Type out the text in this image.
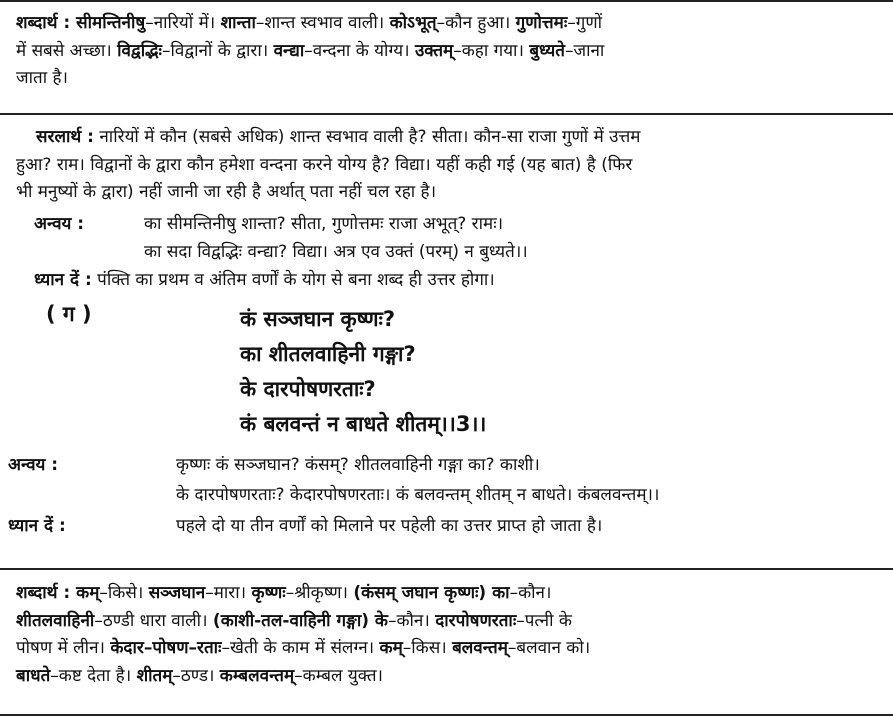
शब्दार्थ : सीमन्तिनीषु–नारियों में। शान्ता–शान्त स्वभाव वाली। कोऽभूत्–कौन हुआ। गुणोत्तमः–गुणों
में सबसे अच्छा। विद्वद्भिः–विद्वानों के द्वारा। वन्द्या–वन्दना के योग्य। उक्तम्–कहा गया। बुध्यते–जाना
जाता है।
सरलार्थ : नारियों में कौन (सबसे अधिक) शान्त स्वभाव वाली है? सीता। कौन-सा राजा गुणों में उत्तम
हुआ? राम। विद्वानों के द्वारा कौन हमेशा वन्दना करने योग्य है? विद्या। यहीं कही गई (यह बात) है (फिर
भी मनुष्यों के द्वारा) नहीं जानी जा रही है अर्थात् पता नहीं चल रहा है।
अन्वय :	का सीमन्तिनीषु शान्ता? सीता, गुणोत्तमः राजा अभूत्? रामः।
का सदा विद्वद्भिः वन्द्या? विद्या। अत्र एव उक्तं (परम्) न बुध्यते।।
ध्यान दें : पंक्ति का प्रथम व अंतिम वर्णों के योग से बना शब्द ही उत्तर होगा।
( ग )	कं सञ्जघान कृष्णः?
का शीतलवाहिनी गङ्गा?
के दारपोषणरताः?
कं बलवन्तं न बाधते शीतम्।।3।।
अन्वय :	कृष्णः कं सञ्जघान? कंसम्? शीतलवाहिनी गङ्गा का? काशी।
के दारपोषणरताः? केदारपोषणरताः। कं बलवन्तम् शीतम् न बाधते। कंबलवन्तम्।।
ध्यान दें :	पहले दो या तीन वर्णों को मिलाने पर पहेली का उत्तर प्राप्त हो जाता है।
शब्दार्थ : कम्–किसे। सञ्जघान–मारा। कृष्णः–श्रीकृष्ण। (कंसम् जघान कृष्णः) का–कौन।
शीतलवाहिनी–ठण्डी धारा वाली। (काशी-तल-वाहिनी गङ्गा) के–कौन। दारपोषणरताः–पत्नी के
पोषण में लीन। केदार–पोषण–रताः–खेती के काम में संलग्न। कम्–किस। बलवन्तम्–बलवान को।
बाधते–कष्ट देता है। शीतम्–ठण्ड। कम्बलवन्तम्–कम्बल युक्त।
